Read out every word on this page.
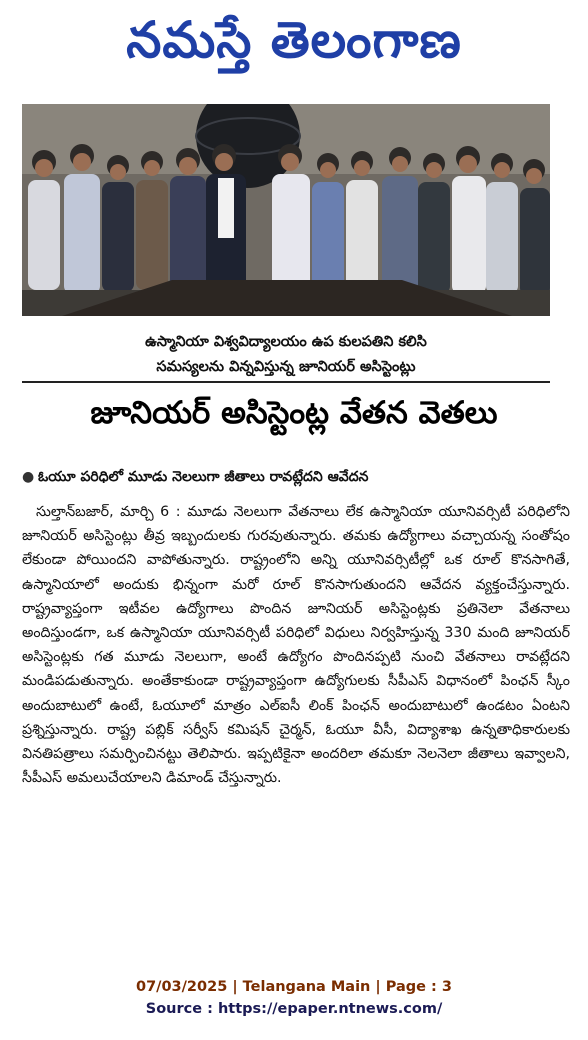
నమస్తే తెలంగాణ
ఉస్మానియా విశ్వవిద్యాలయం ఉప కులపతిని కలిసి
సమస్యలను విన్నవిస్తున్న జూనియర్ అసిస్టెంట్లు
జూనియర్ అసిస్టెంట్ల వేతన వెతలు
● ఓయూ పరిధిలో మూడు నెలలుగా జీతాలు రావట్లేదని ఆవేదన
సుల్తాన్‌బజార్, మార్చి 6 : మూడు నెలలుగా వేతనాలు లేక ఉస్మానియా యూనివర్సిటీ పరిధిలోని జూనియర్ అసిస్టెంట్లు తీవ్ర ఇబ్బందులకు గురవుతున్నారు. తమకు ఉద్యోగాలు వచ్చాయన్న సంతోషం లేకుండా పోయిందని వాపోతున్నారు. రాష్ట్రంలోని అన్ని యూనివర్సిటీల్లో ఒక రూల్ కొనసాగితే, ఉస్మానియాలో అందుకు భిన్నంగా మరో రూల్ కొనసాగుతుందని ఆవేదన వ్యక్తంచేస్తున్నారు. రాష్ట్రవ్యాప్తంగా ఇటీవల ఉద్యోగాలు పొందిన జూనియర్ అసిస్టెంట్లకు ప్రతినెలా వేతనాలు అందిస్తుండగా, ఒక ఉస్మానియా యూనివర్సిటీ పరిధిలో విధులు నిర్వహిస్తున్న 330 మంది జూనియర్ అసిస్టెంట్లకు గత మూడు నెలలుగా, అంటే ఉద్యోగం పొందినప్పటి నుంచి వేతనాలు రావట్లేదని మండిపడుతున్నారు. అంతేకాకుండా రాష్ట్రవ్యాప్తంగా ఉద్యోగులకు సీపీఎస్ విధానంలో పింఛన్ స్కీం అందుబాటులో ఉంటే, ఓయూలో మాత్రం ఎల్‌ఐసీ లింక్ పింఛన్ అందుబాటులో ఉండటం ఏంటని ప్రశ్నిస్తున్నారు. రాష్ట్ర పబ్లిక్ సర్వీస్ కమిషన్ చైర్మన్, ఓయూ వీసీ, విద్యాశాఖ ఉన్నతాధికారులకు వినతిపత్రాలు సమర్పించినట్టు తెలిపారు. ఇప్పటికైనా అందరిలా తమకూ నెలనెలా జీతాలు ఇవ్వాలని, సీపీఎస్ అమలుచేయాలని డిమాండ్ చేస్తున్నారు.
07/03/2025 | Telangana Main | Page : 3
Source : https://epaper.ntnews.com/
